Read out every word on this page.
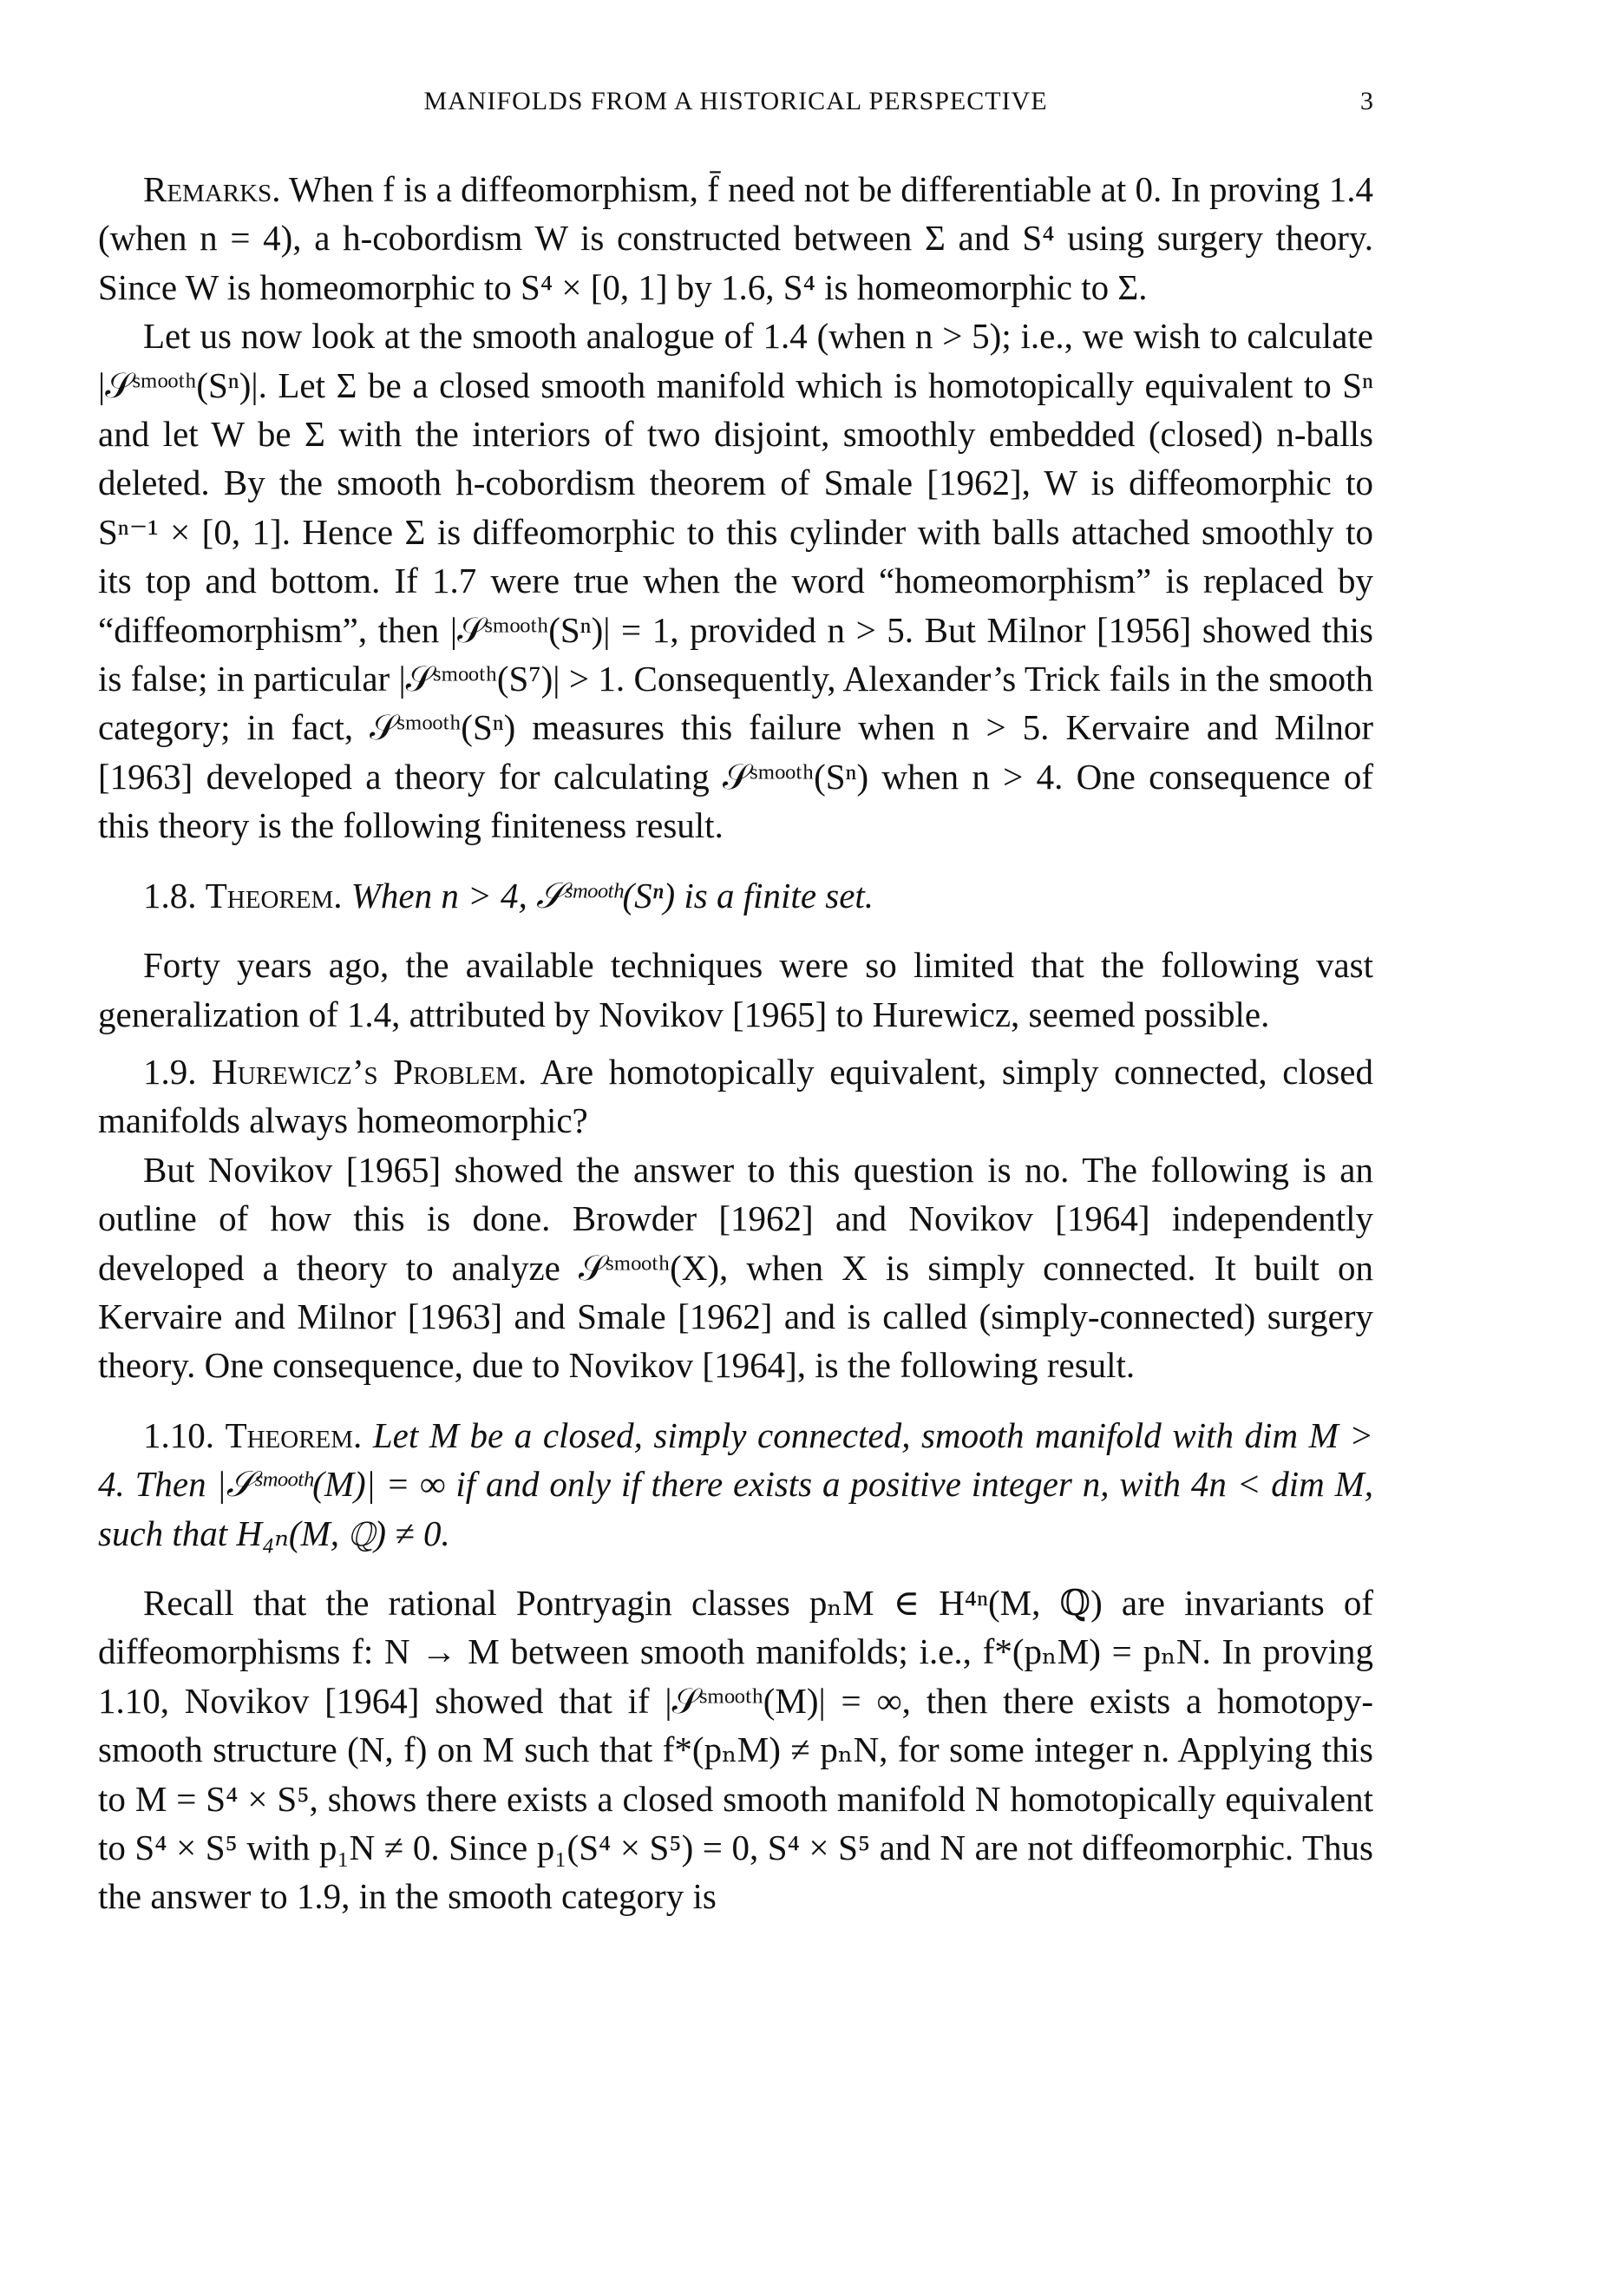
MANIFOLDS FROM A HISTORICAL PERSPECTIVE	3

Remarks. When f is a diffeomorphism, f̄ need not be differentiable at 0. In proving 1.4 (when n = 4), a h-cobordism W is constructed between Σ and S⁴ using surgery theory. Since W is homeomorphic to S⁴ × [0, 1] by 1.6, S⁴ is homeomorphic to Σ.

Let us now look at the smooth analogue of 1.4 (when n > 5); i.e., we wish to calculate |𝒮ˢᵐᵒᵒᵗʰ(Sⁿ)|. Let Σ be a closed smooth manifold which is homotopically equivalent to Sⁿ and let W be Σ with the interiors of two disjoint, smoothly embedded (closed) n-balls deleted. By the smooth h-cobordism theorem of Smale [1962], W is diffeomorphic to Sⁿ⁻¹ × [0, 1]. Hence Σ is diffeomorphic to this cylinder with balls attached smoothly to its top and bottom. If 1.7 were true when the word “homeomorphism” is replaced by “diffeomorphism”, then |𝒮ˢᵐᵒᵒᵗʰ(Sⁿ)| = 1, provided n > 5. But Milnor [1956] showed this is false; in particular |𝒮ˢᵐᵒᵒᵗʰ(S⁷)| > 1. Consequently, Alexander’s Trick fails in the smooth category; in fact, 𝒮ˢᵐᵒᵒᵗʰ(Sⁿ) measures this failure when n > 5. Kervaire and Milnor [1963] developed a theory for calculating 𝒮ˢᵐᵒᵒᵗʰ(Sⁿ) when n > 4. One consequence of this theory is the following finiteness result.

1.8. Theorem. When n > 4, 𝒮ˢᵐᵒᵒᵗʰ(Sⁿ) is a finite set.

Forty years ago, the available techniques were so limited that the following vast generalization of 1.4, attributed by Novikov [1965] to Hurewicz, seemed possible.

1.9. Hurewicz’s Problem. Are homotopically equivalent, simply connected, closed manifolds always homeomorphic?

But Novikov [1965] showed the answer to this question is no. The following is an outline of how this is done. Browder [1962] and Novikov [1964] independently developed a theory to analyze 𝒮ˢᵐᵒᵒᵗʰ(X), when X is simply connected. It built on Kervaire and Milnor [1963] and Smale [1962] and is called (simply-connected) surgery theory. One consequence, due to Novikov [1964], is the following result.

1.10. Theorem. Let M be a closed, simply connected, smooth manifold with dim M > 4. Then |𝒮ˢᵐᵒᵒᵗʰ(M)| = ∞ if and only if there exists a positive integer n, with 4n < dim M, such that H₄ₙ(M, ℚ) ≠ 0.

Recall that the rational Pontryagin classes pₙM ∈ H⁴ⁿ(M, ℚ) are invariants of diffeomorphisms f: N → M between smooth manifolds; i.e., f*(pₙM) = pₙN. In proving 1.10, Novikov [1964] showed that if |𝒮ˢᵐᵒᵒᵗʰ(M)| = ∞, then there exists a homotopy-smooth structure (N, f) on M such that f*(pₙM) ≠ pₙN, for some integer n. Applying this to M = S⁴ × S⁵, shows there exists a closed smooth manifold N homotopically equivalent to S⁴ × S⁵ with p₁N ≠ 0. Since p₁(S⁴ × S⁵) = 0, S⁴ × S⁵ and N are not diffeomorphic. Thus the answer to 1.9, in the smooth category is
